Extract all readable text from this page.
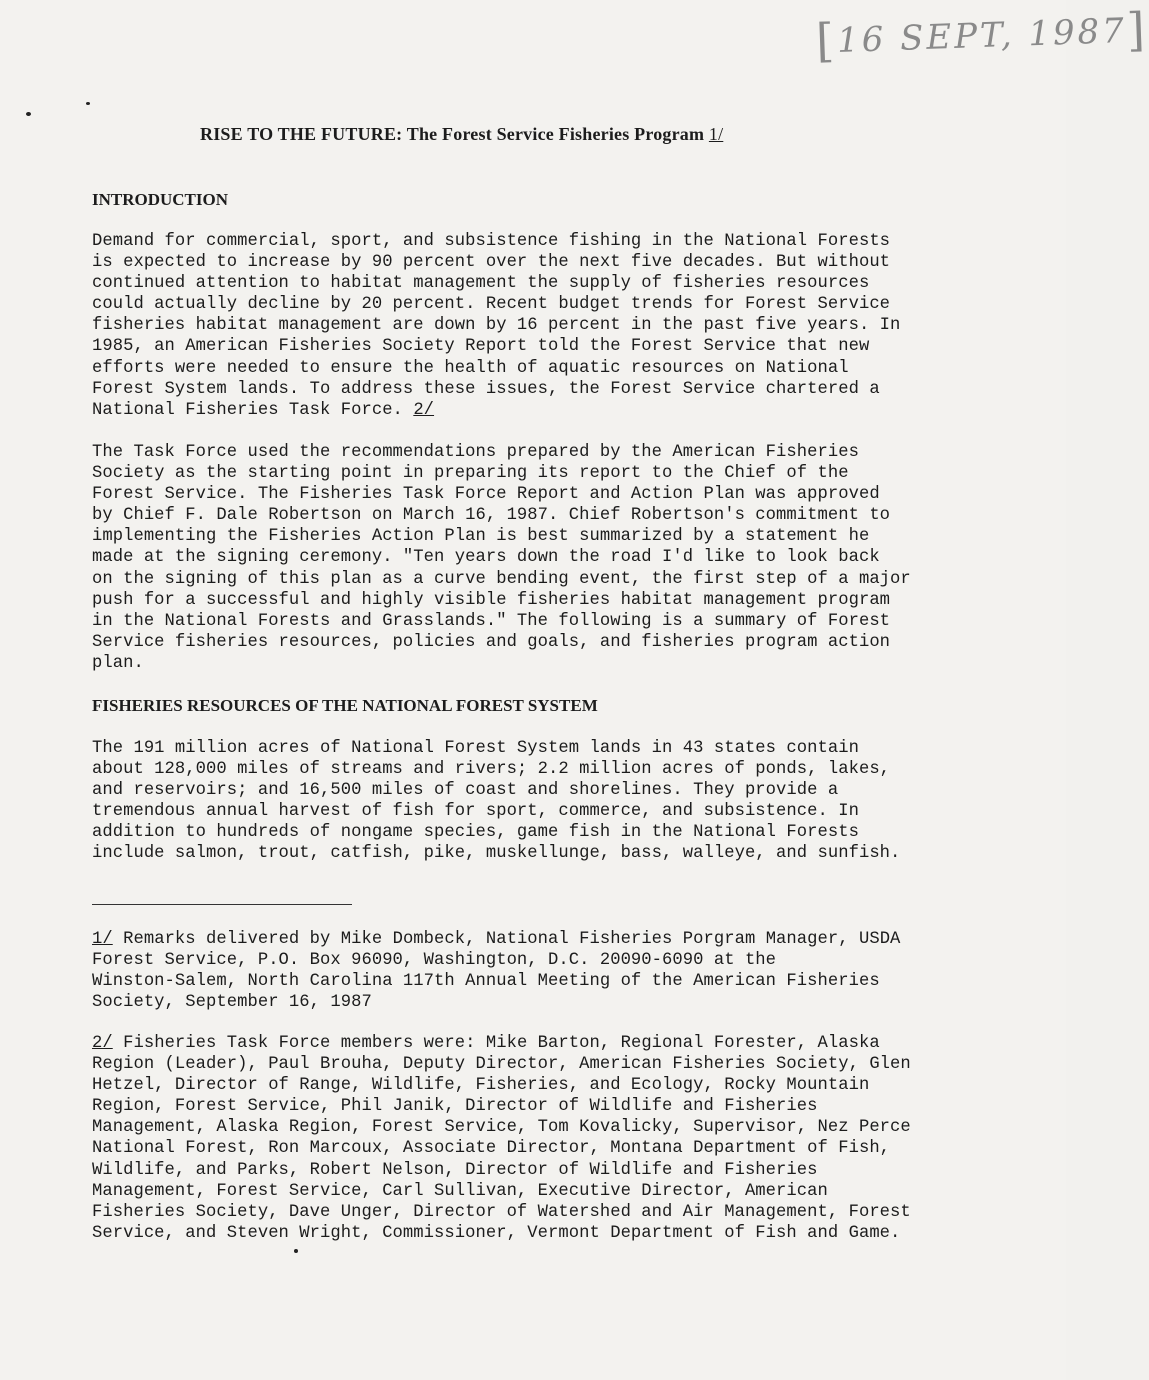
[16 SEPT, 1987]
RISE TO THE FUTURE: The Forest Service Fisheries Program 1/
INTRODUCTION
Demand for commercial, sport, and subsistence fishing in the National Forests
is expected to increase by 90 percent over the next five decades. But without
continued attention to habitat management the supply of fisheries resources
could actually decline by 20 percent. Recent budget trends for Forest Service
fisheries habitat management are down by 16 percent in the past five years. In
1985, an American Fisheries Society Report told the Forest Service that new
efforts were needed to ensure the health of aquatic resources on National
Forest System lands. To address these issues, the Forest Service chartered a
National Fisheries Task Force. 2/
The Task Force used the recommendations prepared by the American Fisheries
Society as the starting point in preparing its report to the Chief of the
Forest Service. The Fisheries Task Force Report and Action Plan was approved
by Chief F. Dale Robertson on March 16, 1987. Chief Robertson's commitment to
implementing the Fisheries Action Plan is best summarized by a statement he
made at the signing ceremony. "Ten years down the road I'd like to look back
on the signing of this plan as a curve bending event, the first step of a major
push for a successful and highly visible fisheries habitat management program
in the National Forests and Grasslands." The following is a summary of Forest
Service fisheries resources, policies and goals, and fisheries program action
plan.
FISHERIES RESOURCES OF THE NATIONAL FOREST SYSTEM
The 191 million acres of National Forest System lands in 43 states contain
about 128,000 miles of streams and rivers; 2.2 million acres of ponds, lakes,
and reservoirs; and 16,500 miles of coast and shorelines. They provide a
tremendous annual harvest of fish for sport, commerce, and subsistence. In
addition to hundreds of nongame species, game fish in the National Forests
include salmon, trout, catfish, pike, muskellunge, bass, walleye, and sunfish.
1/ Remarks delivered by Mike Dombeck, National Fisheries Porgram Manager, USDA
Forest Service, P.O. Box 96090, Washington, D.C. 20090-6090 at the
Winston-Salem, North Carolina 117th Annual Meeting of the American Fisheries
Society, September 16, 1987
2/ Fisheries Task Force members were: Mike Barton, Regional Forester, Alaska
Region (Leader), Paul Brouha, Deputy Director, American Fisheries Society, Glen
Hetzel, Director of Range, Wildlife, Fisheries, and Ecology, Rocky Mountain
Region, Forest Service, Phil Janik, Director of Wildlife and Fisheries
Management, Alaska Region, Forest Service, Tom Kovalicky, Supervisor, Nez Perce
National Forest, Ron Marcoux, Associate Director, Montana Department of Fish,
Wildlife, and Parks, Robert Nelson, Director of Wildlife and Fisheries
Management, Forest Service, Carl Sullivan, Executive Director, American
Fisheries Society, Dave Unger, Director of Watershed and Air Management, Forest
Service, and Steven Wright, Commissioner, Vermont Department of Fish and Game.
